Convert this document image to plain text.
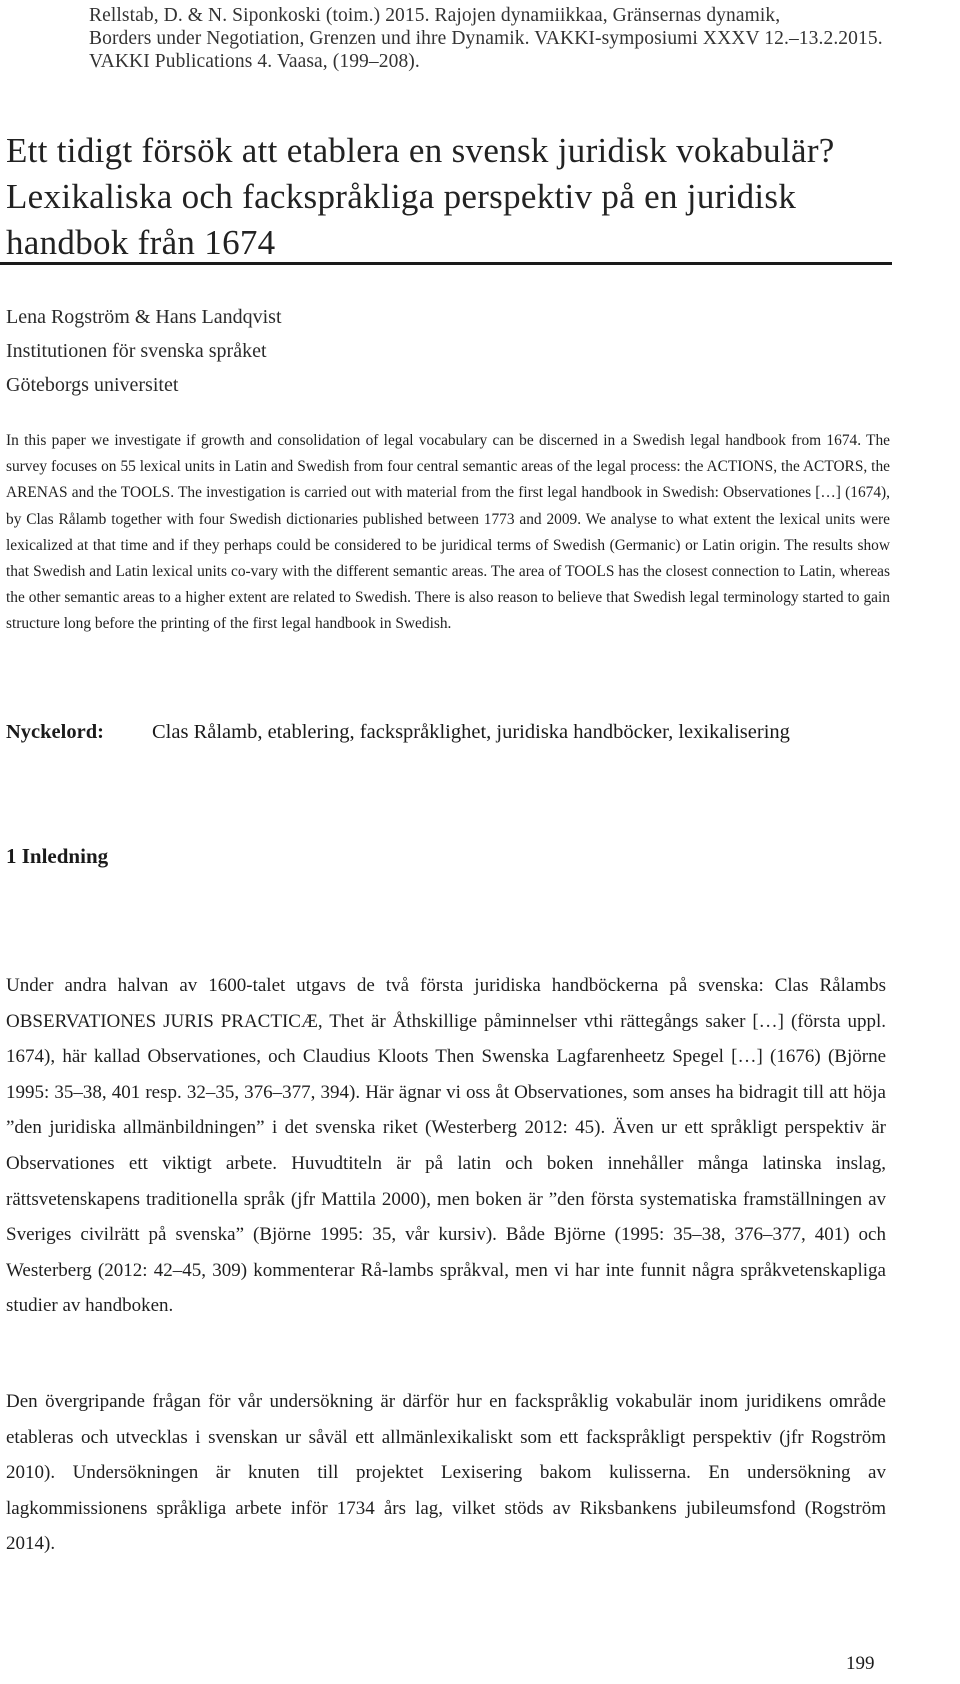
Rellstab, D. & N. Siponkoski (toim.) 2015. Rajojen dynamiikkaa, Gränsernas dynamik,
Borders under Negotiation, Grenzen und ihre Dynamik. VAKKI-symposiumi XXXV 12.–13.2.2015.
VAKKI Publications 4. Vaasa, (199–208).
Ett tidigt försök att etablera en svensk juridisk vokabulär? Lexikaliska och fackspråkliga perspektiv på en juridisk handbok från 1674
Lena Rogström & Hans Landqvist
Institutionen för svenska språket
Göteborgs universitet

In this paper we investigate if growth and consolidation of legal vocabulary can be discerned in a Swedish legal handbook from 1674. The survey focuses on 55 lexical units in Latin and Swedish from four central semantic areas of the legal process: the ACTIONS, the ACTORS, the ARENAS and the TOOLS. The investigation is carried out with material from the first legal handbook in Swedish: Observationes […] (1674), by Clas Rålamb together with four Swedish dictionaries published between 1773 and 2009. We analyse to what extent the lexical units were lexicalized at that time and if they perhaps could be considered to be juridical terms of Swedish (Germanic) or Latin origin. The results show that Swedish and Latin lexical units co-vary with the different semantic areas. The area of TOOLS has the closest connection to Latin, whereas the other semantic areas to a higher extent are related to Swedish. There is also reason to believe that Swedish legal terminology started to gain structure long before the printing of the first legal handbook in Swedish.

Nyckelord: Clas Rålamb, etablering, fackspråklighet, juridiska handböcker, lexikalisering
1 Inledning

Under andra halvan av 1600-talet utgavs de två första juridiska handböckerna på svenska: Clas Rålambs OBSERVATIONES JURIS PRACTICÆ, Thet är Åthskillige påminnelser vthi rättegångs saker […] (första uppl. 1674), här kallad Observationes, och Claudius Kloots Then Swenska Lagfarenheetz Spegel […] (1676) (Björne 1995: 35–38, 401 resp. 32–35, 376–377, 394). Här ägnar vi oss åt Observationes, som anses ha bidragit till att höja ”den juridiska allmänbildningen” i det svenska riket (Westerberg 2012: 45). Även ur ett språkligt perspektiv är Observationes ett viktigt arbete. Huvudtiteln är på latin och boken innehåller många latinska inslag, rättsvetenskapens traditionella språk (jfr Mattila 2000), men boken är ”den första systematiska framställningen av Sveriges civilrätt på svenska” (Björne 1995: 35, vår kursiv). Både Björne (1995: 35–38, 376–377, 401) och Westerberg (2012: 42–45, 309) kommenterar Rå-lambs språkval, men vi har inte funnit några språkvetenskapliga studier av handboken.

Den övergripande frågan för vår undersökning är därför hur en fackspråklig vokabulär inom juridikens område etableras och utvecklas i svenskan ur såväl ett allmänlexikaliskt som ett fackspråkligt perspektiv (jfr Rogström 2010). Undersökningen är knuten till projektet Lexisering bakom kulisserna. En undersökning av lagkommissionens språkliga arbete inför 1734 års lag, vilket stöds av Riksbankens jubileumsfond (Rogström 2014).

199
